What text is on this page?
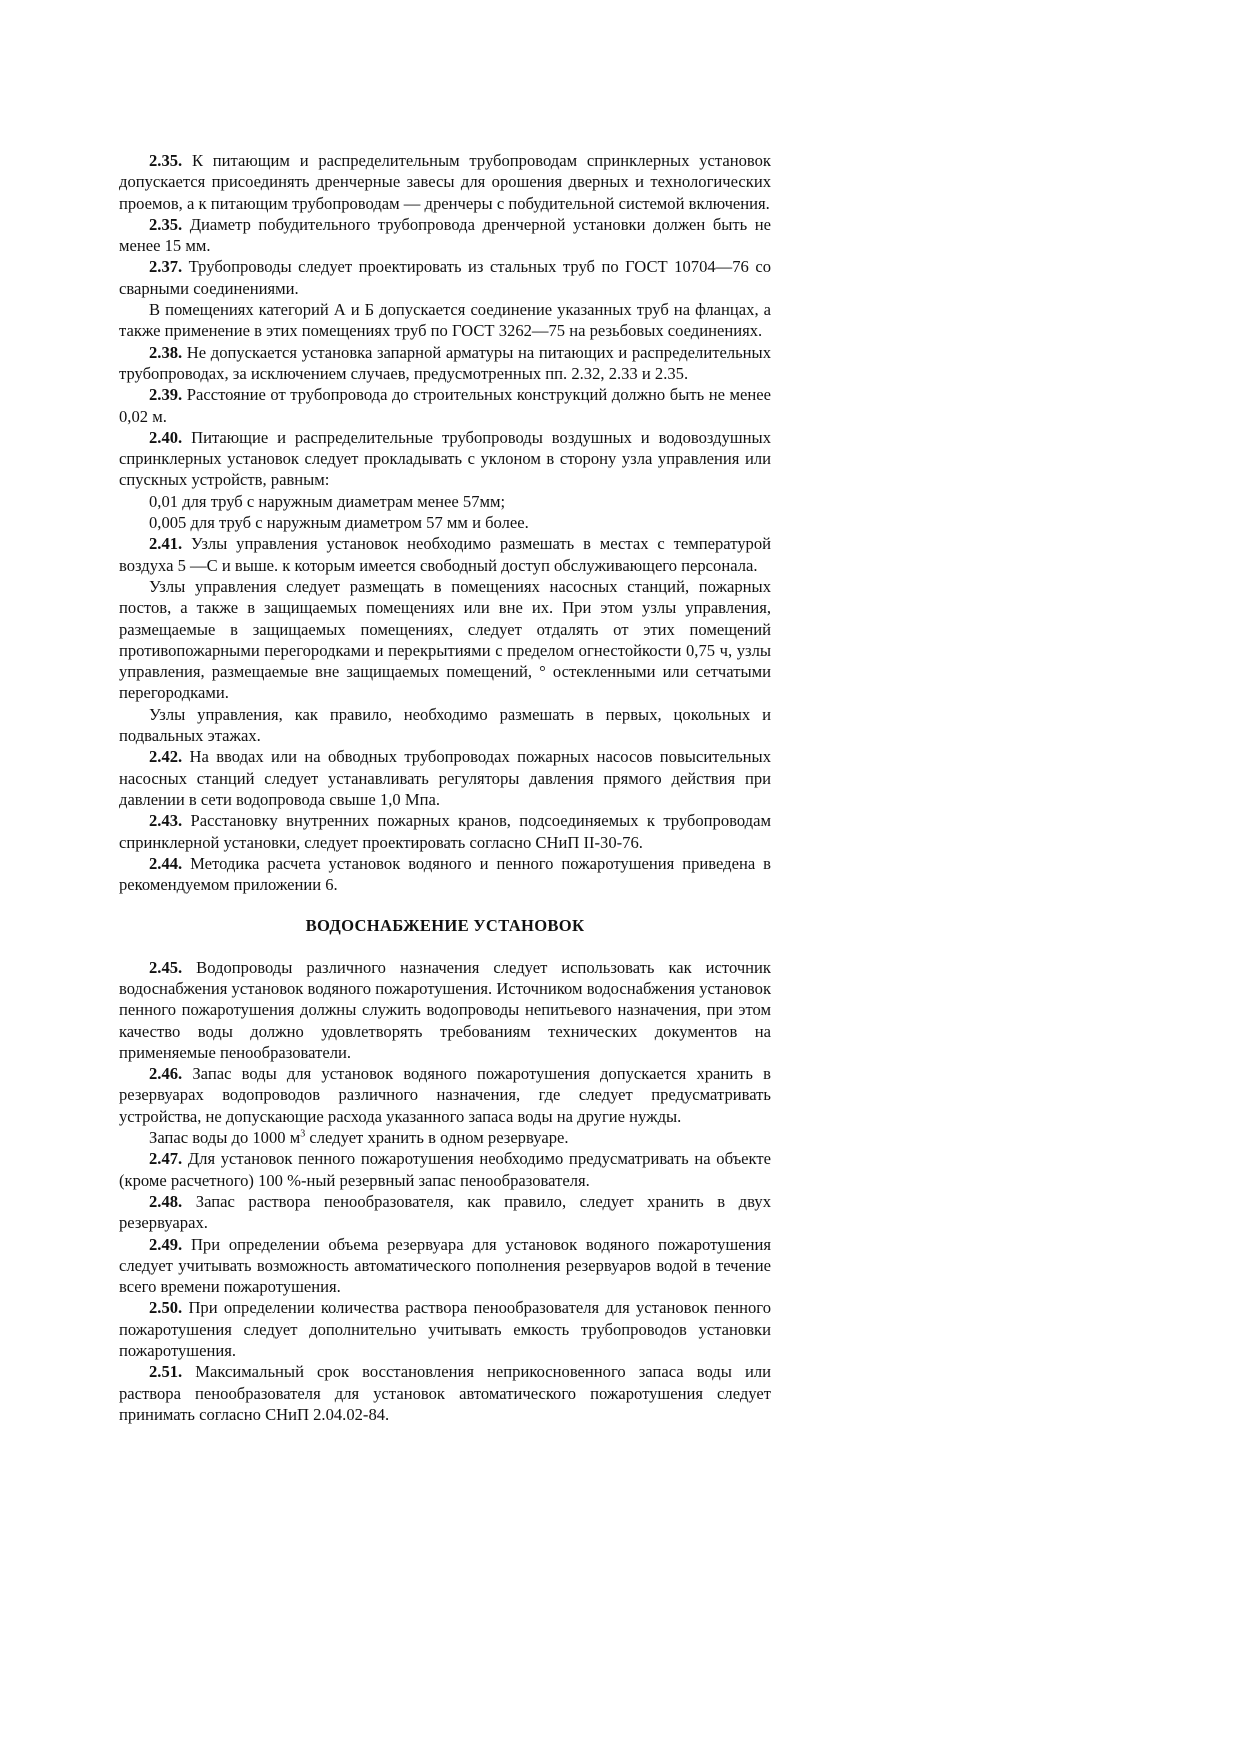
2.35. К питающим и распределительным трубопроводам спринклерных установок допускается присоединять дренчерные завесы для орошения дверных и технологических проемов, а к питающим трубопроводам — дренчеры с побудительной системой включения.

2.35. Диаметр побудительного трубопровода дренчерной установки должен быть не менее 15 мм.

2.37. Трубопроводы следует проектировать из стальных труб по ГОСТ 10704—76 со сварными соединениями.

В помещениях категорий А и Б допускается соединение указанных труб на фланцах, а также применение в этих помещениях труб по ГОСТ 3262—75 на резьбовых соединениях.

2.38. Не допускается установка запарной арматуры на питающих и распределительных трубопроводах, за исключением случаев, предусмотренных пп. 2.32, 2.33 и 2.35.

2.39. Расстояние от трубопровода до строительных конструкций должно быть не менее 0,02 м.

2.40. Питающие и распределительные трубопроводы воздушных и водовоздушных спринклерных установок следует прокладывать с уклоном в сторону узла управления или спускных устройств, равным:

0,01 для труб с наружным диаметрам менее 57мм;

0,005 для труб с наружным диаметром 57 мм и более.

2.41. Узлы управления установок необходимо размешать в местах с температурой воздуха 5 —С и выше. к которым имеется свободный доступ обслуживающего персонала.

Узлы управления следует размещать в помещениях насосных станций, пожарных постов, а также в защищаемых помещениях или вне их. При этом узлы управления, размещаемые в защищаемых помещениях, следует отдалять от этих помещений противопожарными перегородками и перекрытиями с пределом огнестойкости 0,75 ч, узлы управления, размещаемые вне защищаемых помещений, ° остекленными или сетчатыми перегородками.

Узлы управления, как правило, необходимо размешать в первых, цокольных и подвальных этажах.

2.42. На вводах или на обводных трубопроводах пожарных насосов повысительных насосных станций следует устанавливать регуляторы давления прямого действия при давлении в сети водопровода свыше 1,0 Мпа.

2.43. Расстановку внутренних пожарных кранов, подсоединяемых к трубопроводам спринклерной установки, следует проектировать согласно СНиП II-30-76.

2.44. Методика расчета установок водяного и пенного пожаротушения приведена в рекомендуемом приложении 6.

ВОДОСНАБЖЕНИЕ УСТАНОВОК

2.45. Водопроводы различного назначения следует использовать как источник водоснабжения установок водяного пожаротушения. Источником водоснабжения установок пенного пожаротушения должны служить водопроводы непитьевого назначения, при этом качество воды должно удовлетворять требованиям технических документов на применяемые пенообразователи.

2.46. Запас воды для установок водяного пожаротушения допускается хранить в резервуарах водопроводов различного назначения, где следует предусматривать устройства, не допускающие расхода указанного запаса воды на другие нужды.

Запас воды до 1000 $м^3$ следует хранить в одном резервуаре.

2.47. Для установок пенного пожаротушения необходимо предусматривать на объекте (кроме расчетного) 100 %-ный резервный запас пенообразователя.

2.48. Запас раствора пенообразователя, как правило, следует хранить в двух резервуарах.

2.49. При определении объема резервуара для установок водяного пожаротушения следует учитывать возможность автоматического пополнения резервуаров водой в течение всего времени пожаротушения.

2.50. При определении количества раствора пенообразователя для установок пенного пожаротушения следует дополнительно учитывать емкость трубопроводов установки пожаротушения.

2.51. Максимальный срок восстановления неприкосновенного запаса воды или раствора пенообразователя для установок автоматического пожаротушения следует принимать согласно СНиП 2.04.02-84.
